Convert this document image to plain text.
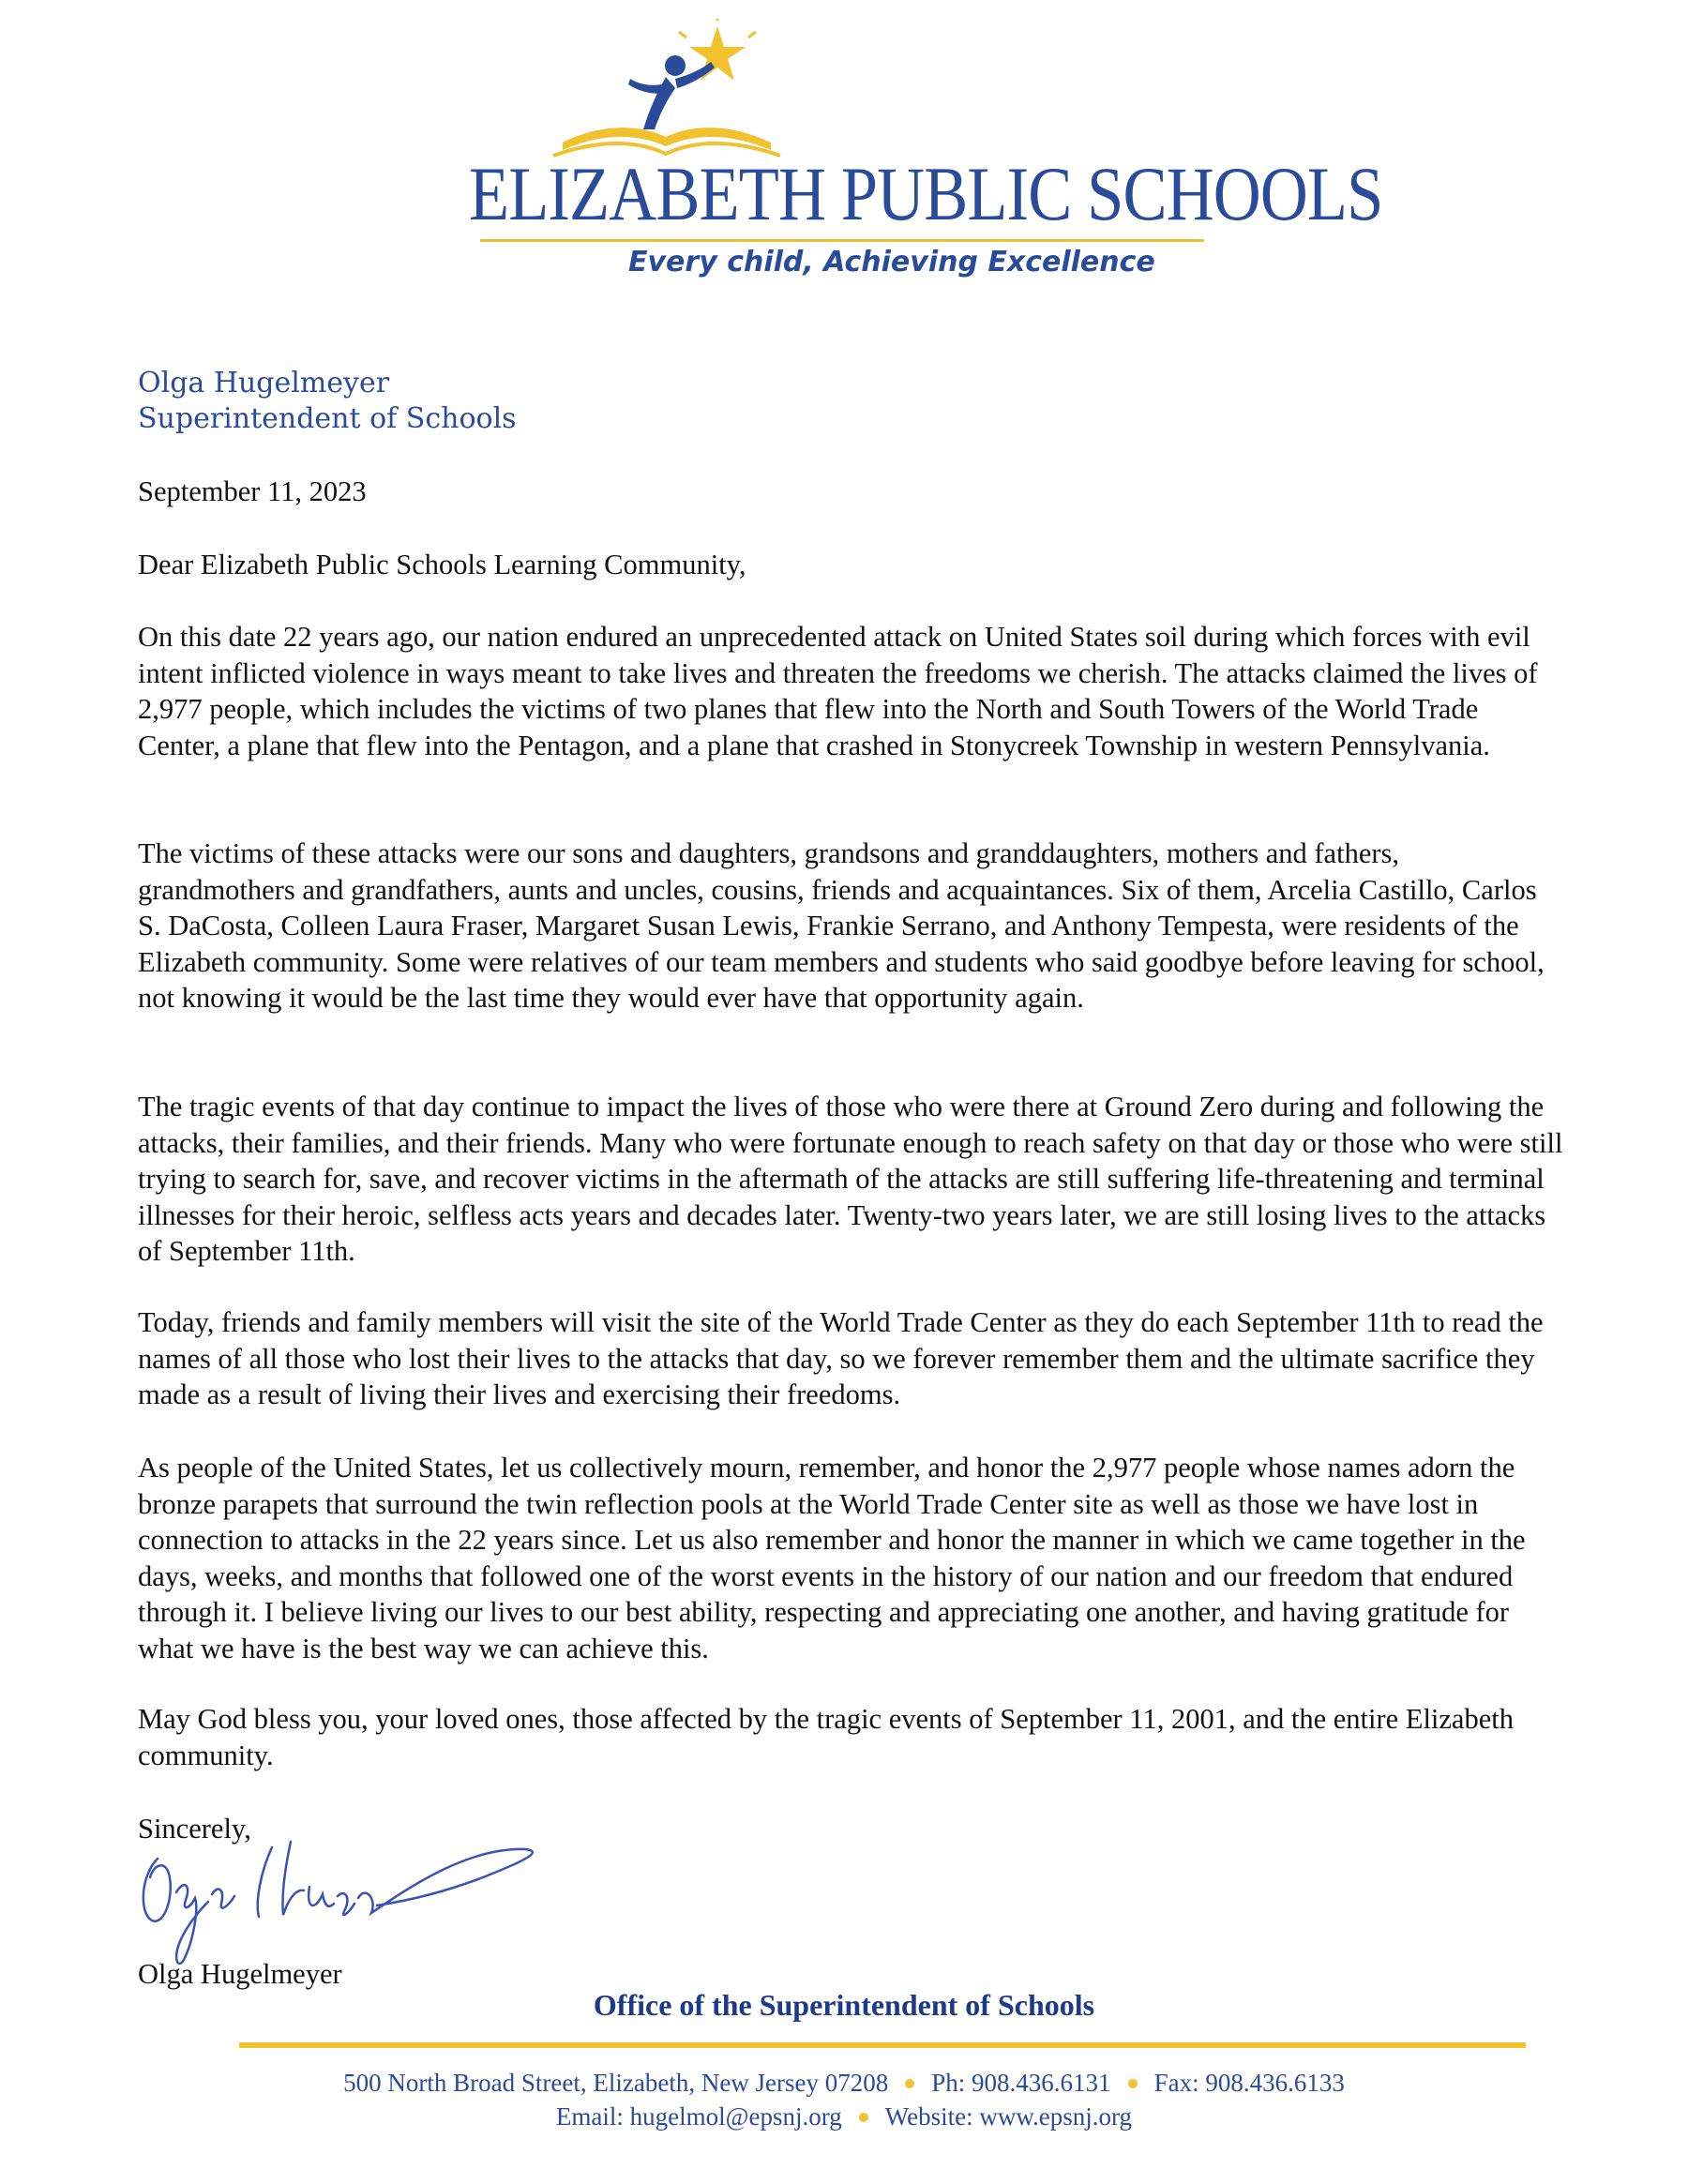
ELIZABETH PUBLIC SCHOOLS
Every child, Achieving Excellence
Olga Hugelmeyer
Superintendent of Schools
September 11, 2023
Dear Elizabeth Public Schools Learning Community,

On this date 22 years ago, our nation endured an unprecedented attack on United States soil during which forces with evil intent inflicted violence in ways meant to take lives and threaten the freedoms we cherish. The attacks claimed the lives of 2,977 people, which includes the victims of two planes that flew into the North and South Towers of the World Trade Center, a plane that flew into the Pentagon, and a plane that crashed in Stonycreek Township in western Pennsylvania.

The victims of these attacks were our sons and daughters, grandsons and granddaughters, mothers and fathers, grandmothers and grandfathers, aunts and uncles, cousins, friends and acquaintances. Six of them, Arcelia Castillo, Carlos S. DaCosta, Colleen Laura Fraser, Margaret Susan Lewis, Frankie Serrano, and Anthony Tempesta, were residents of the Elizabeth community. Some were relatives of our team members and students who said goodbye before leaving for school, not knowing it would be the last time they would ever have that opportunity again.

The tragic events of that day continue to impact the lives of those who were there at Ground Zero during and following the attacks, their families, and their friends. Many who were fortunate enough to reach safety on that day or those who were still trying to search for, save, and recover victims in the aftermath of the attacks are still suffering life-threatening and terminal illnesses for their heroic, selfless acts years and decades later. Twenty-two years later, we are still losing lives to the attacks of September 11th.

Today, friends and family members will visit the site of the World Trade Center as they do each September 11th to read the names of all those who lost their lives to the attacks that day, so we forever remember them and the ultimate sacrifice they made as a result of living their lives and exercising their freedoms.

As people of the United States, let us collectively mourn, remember, and honor the 2,977 people whose names adorn the bronze parapets that surround the twin reflection pools at the World Trade Center site as well as those we have lost in connection to attacks in the 22 years since. Let us also remember and honor the manner in which we came together in the days, weeks, and months that followed one of the worst events in the history of our nation and our freedom that endured through it. I believe living our lives to our best ability, respecting and appreciating one another, and having gratitude for what we have is the best way we can achieve this.

May God bless you, your loved ones, those affected by the tragic events of September 11, 2001, and the entire Elizabeth community.

Sincerely,
Olga Hugelmeyer
Office of the Superintendent of Schools
500 North Broad Street, Elizabeth, New Jersey 07208 Ph: 908.436.6131 Fax: 908.436.6133
Email: hugelmol@epsnj.org Website: www.epsnj.org
